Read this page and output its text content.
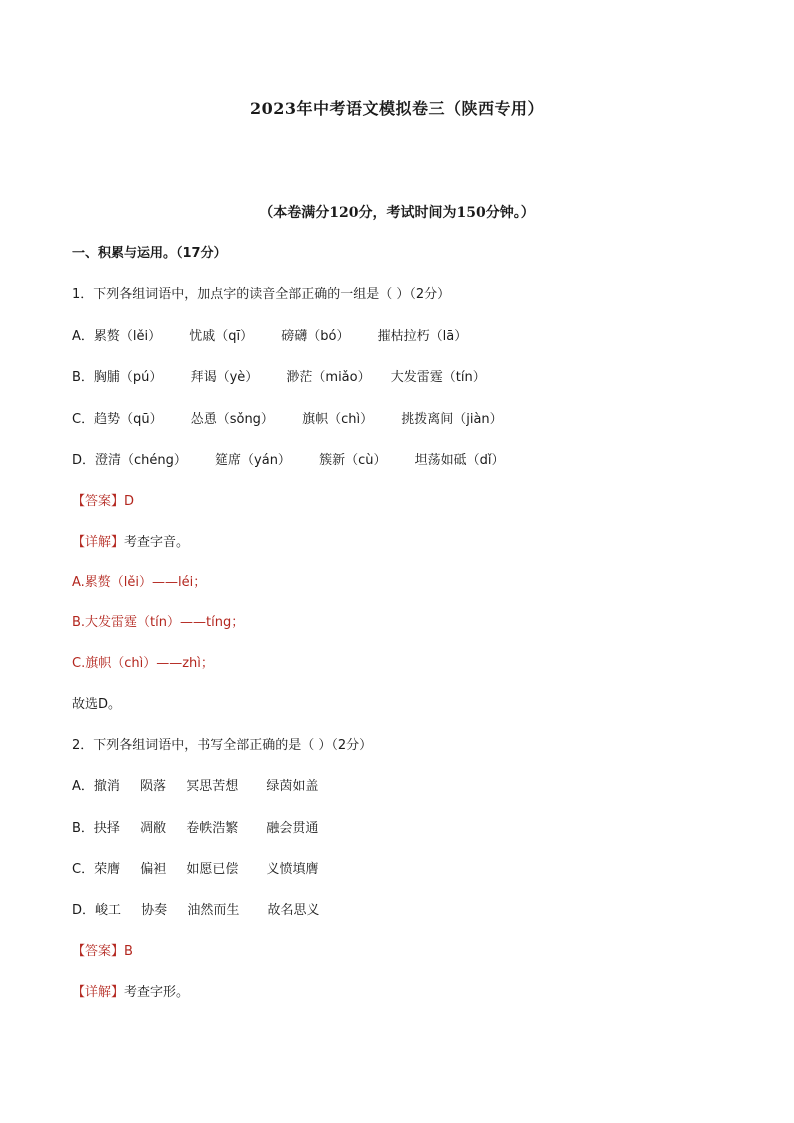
2023年中考语文模拟卷三（陕西专用）
（本卷满分120分，考试时间为150分钟。）
一、积累与运用。（17分）
1．下列各组词语中，加点字的读音全部正确的一组是（ ）（2分）
A．累赘（lěi） 忧戚（qī） 磅礴（bó） 摧枯拉朽（lā）
B．胸脯（pú） 拜谒（yè） 渺茫（miǎo） 大发雷霆（tín）
C．趋势（qū） 怂恿（sǒng） 旗帜（chì） 挑拨离间（jiàn）
D．澄清（chéng） 筵席（yán） 簇新（cù） 坦荡如砥（dǐ）
【答案】D
【详解】考查字音。
A.累赘（lěi）——léi；
B.大发雷霆（tín）——tíng；
C.旗帜（chì）——zhì；
故选D。
2．下列各组词语中，书写全部正确的是（ ）（2分）
A．撤消 陨落 冥思苦想 绿茵如盖
B．抉择 凋敝 卷帙浩繁 融会贯通
C．荣膺 偏袒 如愿已偿 义愤填膺
D．峻工 协奏 油然而生 故名思义
【答案】B
【详解】考查字形。
